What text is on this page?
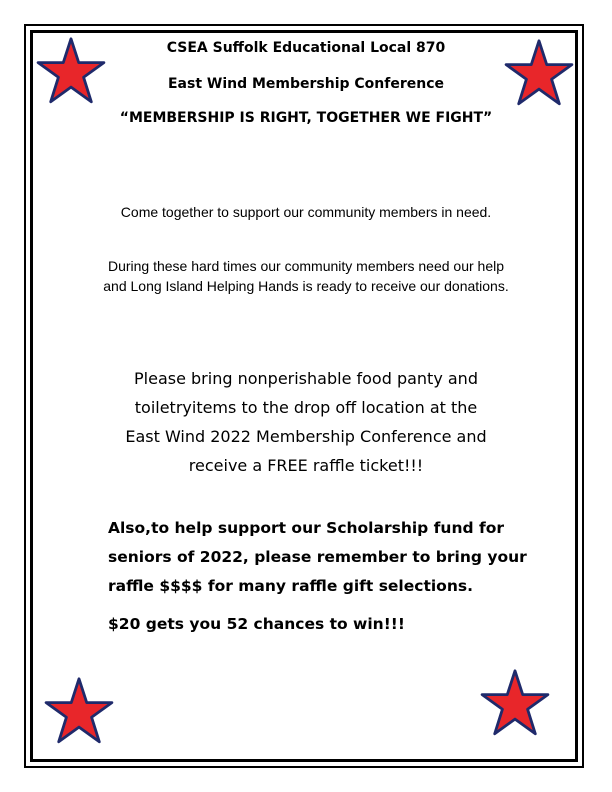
CSEA Suffolk Educational Local 870
East Wind Membership Conference
“MEMBERSHIP IS RIGHT, TOGETHER WE FIGHT”
Come together to support our community members in need.
During these hard times our community members need our help and Long Island Helping Hands is ready to receive our donations.
Please bring nonperishable food panty and toiletryitems to the drop off location at the East Wind 2022 Membership Conference and receive a FREE raffle ticket!!!
Also,to help support our Scholarship fund for seniors of 2022, please remember to bring your raffle $$$$ for many raffle gift selections.
$20 gets you 52 chances to win!!!
